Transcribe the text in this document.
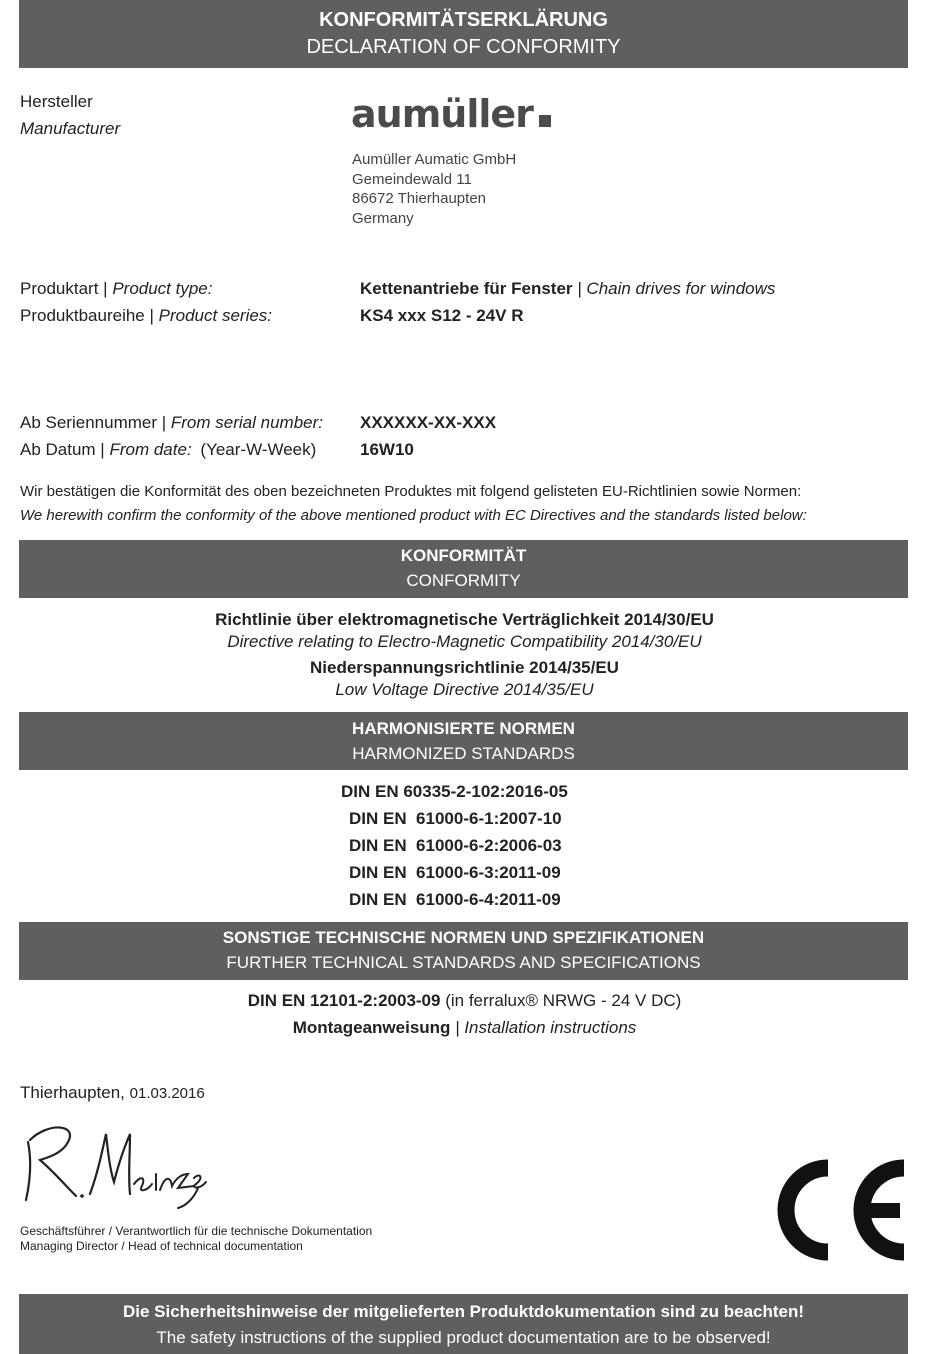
KONFORMITÄTSERKLÄRUNG
DECLARATION OF CONFORMITY
Hersteller
Manufacturer	aumüller
Aumüller Aumatic GmbH
Gemeindewald 11
86672 Thierhaupten
Germany
Produktart | Product type:	Kettenantriebe für Fenster | Chain drives for windows
Produktbaureihe | Product series:	KS4 xxx S12 - 24V R
Ab Seriennummer | From serial number: XXXXXX-XX-XXX
Ab Datum | From date: (Year-W-Week)	16W10
Wir bestätigen die Konformität des oben bezeichneten Produktes mit folgend gelisteten EU-Richtlinien sowie Normen:
We herewith confirm the conformity of the above mentioned product with EC Directives and the standards listed below:
KONFORMITÄT
CONFORMITY
Richtlinie über elektromagnetische Verträglichkeit 2014/30/EU
Directive relating to Electro-Magnetic Compatibility 2014/30/EU
Niederspannungsrichtlinie 2014/35/EU
Low Voltage Directive 2014/35/EU
HARMONISIERTE NORMEN
HARMONIZED STANDARDS
DIN EN 60335-2-102:2016-05
DIN EN  61000-6-1:2007-10
DIN EN  61000-6-2:2006-03
DIN EN  61000-6-3:2011-09
DIN EN  61000-6-4:2011-09
SONSTIGE TECHNISCHE NORMEN UND SPEZIFIKATIONEN
FURTHER TECHNICAL STANDARDS AND SPECIFICATIONS
DIN EN 12101-2:2003-09 (in ferralux® NRWG - 24 V DC)
Montageanweisung | Installation instructions
Thierhaupten, 01.03.2016
Geschäftsführer / Verantwortlich für die technische Dokumentation
Managing Director / Head of technical documentation
Die Sicherheitshinweise der mitgelieferten Produktdokumentation sind zu beachten!
The safety instructions of the supplied product documentation are to be observed!
